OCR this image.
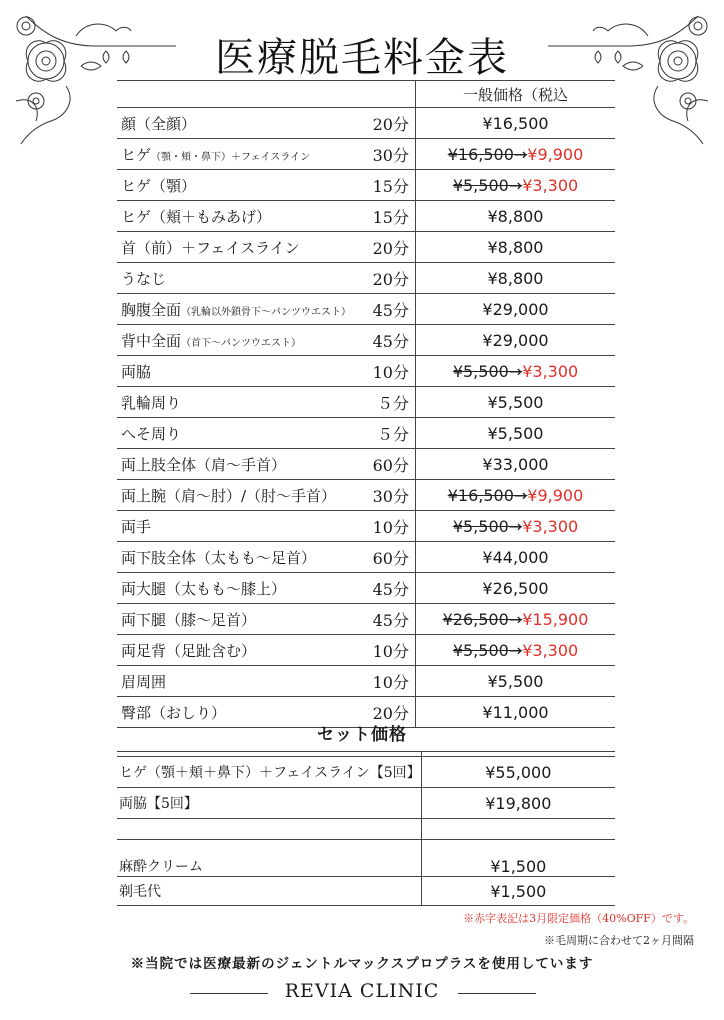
医療脱毛料金表
		一般価格（税込
顔（全顔）	20分	¥16,500
ヒゲ（顎・頬・鼻下）＋フェイスライン	30分	¥16,500→¥9,900
ヒゲ（顎）	15分	¥5,500→¥3,300
ヒゲ（頬＋もみあげ）	15分	¥8,800
首（前）＋フェイスライン	20分	¥8,800
うなじ	20分	¥8,800
胸腹全面（乳輪以外鎖骨下〜パンツウエスト）	45分	¥29,000
背中全面（首下〜パンツウエスト）	45分	¥29,000
両脇	10分	¥5,500→¥3,300
乳輪周り	５分	¥5,500
へそ周り	５分	¥5,500
両上肢全体（肩〜手首）	60分	¥33,000
両上腕（肩〜肘）/（肘〜手首）	30分	¥16,500→¥9,900
両手	10分	¥5,500→¥3,300
両下肢全体（太もも〜足首）	60分	¥44,000
両大腿（太もも〜膝上）	45分	¥26,500
両下腿（膝〜足首）	45分	¥26,500→¥15,900
両足背（足趾含む）	10分	¥5,500→¥3,300
眉周囲	10分	¥5,500
臀部（おしり）	20分	¥11,000
セット価格

ヒゲ（顎＋頬＋鼻下）＋フェイスライン【5回】	¥55,000
両脇【5回】	¥19,800

麻酔クリーム	¥1,500
剃毛代	¥1,500
※赤字表記は3月限定価格（40%OFF）です。
※毛周期に合わせて2ヶ月間隔
※当院では医療最新のジェントルマックスプロプラスを使用しています
REVIA CLINIC
